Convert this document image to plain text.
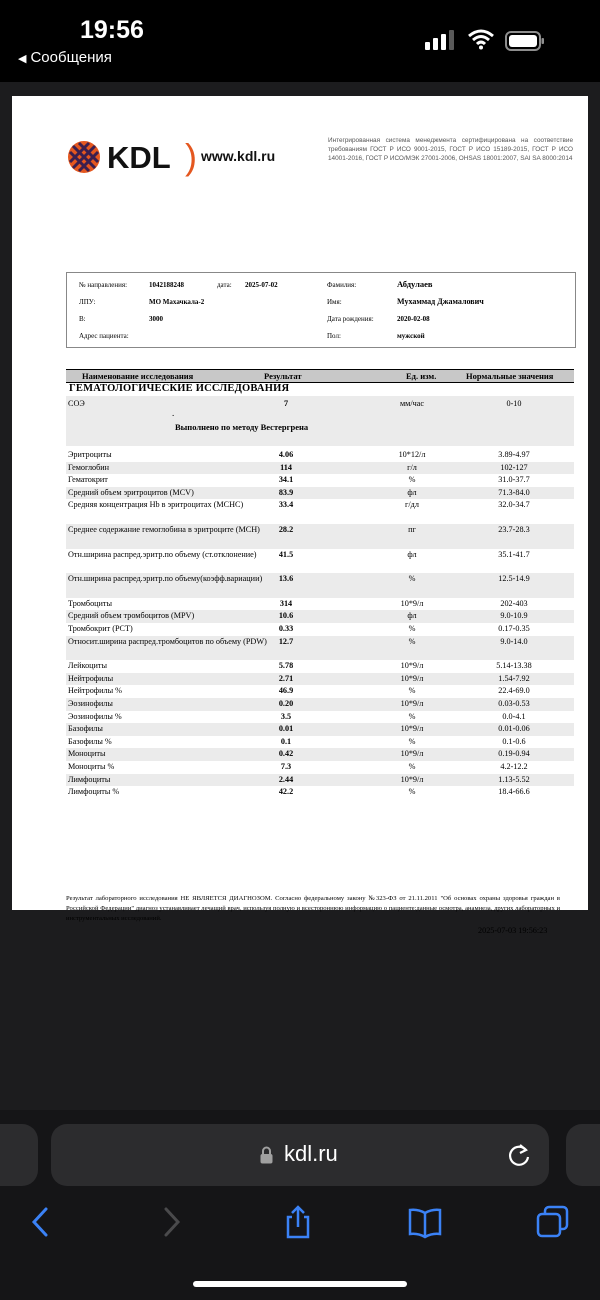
19:56
◀ Сообщения
KDL ) www.kdl.ru
Интегрированная система менеджмента сертифицирована на соответствие требованиям ГОСТ Р ИСО 9001-2015, ГОСТ Р ИСО 15189-2015, ГОСТ Р ИСО 14001-2016, ГОСТ Р ИСО/МЭК 27001-2006, OHSAS 18001:2007, SAI SA 8000:2014
№ направления:	1042188248	дата: 2025-07-02
ЛПУ:	МО Махачкала-2
В:	3000
Адрес пациента:
Фамилия:	Абдулаев
Имя:	Мухаммад Джамалович
Дата рождения:	2020-02-08
Пол:	мужской
Наименование исследования	Результат	Ед. изм.	Нормальные значения
ГЕМАТОЛОГИЧЕСКИЕ ИССЛЕДОВАНИЯ
СОЭ	7	мм/час	0-10
.
Выполнено по методу Вестергрена
Эритроциты	4.06	10*12/л	3.89-4.97
Гемоглобин	114	г/л	102-127
Гематокрит	34.1	%	31.0-37.7
Средний объем эритроцитов (MCV)	83.9	фл	71.3-84.0
Средняя концентрация Hb в эритроцитах (MCHC)	33.4	г/дл	32.0-34.7
Среднее содержание гемоглобина в эритроците (MCH)	28.2	пг	23.7-28.3
Отн.ширина распред.эритр.по объему (ст.отклонение)	41.5	фл	35.1-41.7
Отн.ширина распред.эритр.по объему(коэфф.вариации)	13.6	%	12.5-14.9
Тромбоциты	314	10*9/л	202-403
Средний объем тромбоцитов (MPV)	10.6	фл	9.0-10.9
Тромбокрит (PCT)	0.33	%	0.17-0.35
Относит.ширина распред.тромбоцитов по объему (PDW)	12.7	%	9.0-14.0
Лейкоциты	5.78	10*9/л	5.14-13.38
Нейтрофилы	2.71	10*9/л	1.54-7.92
Нейтрофилы %	46.9	%	22.4-69.0
Эозинофилы	0.20	10*9/л	0.03-0.53
Эозинофилы %	3.5	%	0.0-4.1
Базофилы	0.01	10*9/л	0.01-0.06
Базофилы %	0.1	%	0.1-0.6
Моноциты	0.42	10*9/л	0.19-0.94
Моноциты %	7.3	%	4.2-12.2
Лимфоциты	2.44	10*9/л	1.13-5.52
Лимфоциты %	42.2	%	18.4-66.6
Результат лабораторного исследования НЕ ЯВЛЯЕТСЯ ДИАГНОЗОМ. Согласно федеральному закону №323-ФЗ от 21.11.2011 "Об основах охраны здоровья граждан в Российской Федерации" диагноз устанавливает лечащий врач, используя полную и всестороннюю информацию о пациенте:данные осмотра, анамнеза, других лабораторных и инструментальных исследований.
2025-07-03 19:56:23
kdl.ru
